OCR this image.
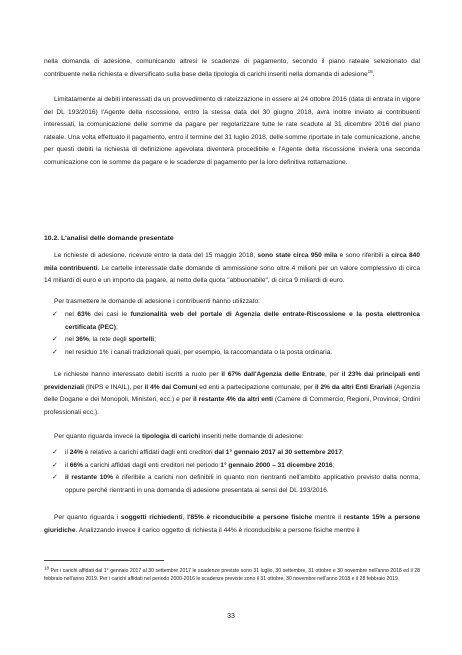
nella domanda di adesione, comunicando altresì le scadenze di pagamento, secondo il piano rateale selezionato dal contribuente nella richiesta e diversificato sulla base della tipologia di carichi inseriti nella domanda di adesione$^{18}$.

Limitatamente ai debiti interessati da un provvedimento di rateizzazione in essere al 24 ottobre 2016 (data di entrata in vigore del DL 193/2016) l'Agente della riscossione, entro la stessa data del 30 giugno 2018, avrà inoltre inviato ai contribuenti interessati, la comunicazione delle somme da pagare per regolarizzare tutte le rate scadute al 31 dicembre 2016 del piano rateale. Una volta effettuato il pagamento, entro il termine del 31 luglio 2018, delle somme riportate in tale comunicazione, anche per questi debiti la richiesta di definizione agevolata diventerà procedibile e l'Agente della riscossione invierà una seconda comunicazione con le somme da pagare e le scadenze di pagamento per la loro definitiva rottamazione.

10.2. L'analisi delle domande presentate

Le richieste di adesione, ricevute entro la data del 15 maggio 2018, sono state circa 950 mila e sono riferibili a circa 840 mila contribuenti. Le cartelle interessate dalle domande di ammissione sono oltre 4 milioni per un valore complessivo di circa 14 miliardi di euro e un importo da pagare, al netto della quota "abbuonabile", di circa 9 miliardi di euro.

Per trasmettere le domande di adesione i contribuenti hanno utilizzato:

✓ nel 63% dei casi le funzionalità web del portale di Agenzia delle entrate-Riscossione e la posta elettronica certificata (PEC);
✓ nel 36%, la rete degli sportelli;
✓ nel residuo 1% i canali tradizionali quali, per esempio, la raccomandata o la posta ordinaria.

Le richieste hanno interessato debiti iscritti a ruolo per il 67% dall'Agenzia delle Entrate, per il 23% dai principali enti previdenziali (INPS e INAIL), per il 4% dai Comuni ed enti a partecipazione comunale, per il 2% da altri Enti Erariali (Agenzia delle Dogane e dei Monopoli, Ministeri, ecc.) e per il restante 4% da altri enti (Camere di Commercio, Regioni, Province, Ordini professionali ecc.).

Per quanto riguarda invece la tipologia di carichi inseriti nelle domande di adesione:

✓ il 24% è relativo a carichi affidati dagli enti creditori dal 1° gennaio 2017 al 30 settembre 2017;
✓ il 66% a carichi affidati dagli enti creditori nel periodo 1° gennaio 2000 – 31 dicembre 2016;
✓ il restante 10% è riferibile a carichi non definibili in quanto non rientranti nell'ambito applicativo previsto dalla norma, oppure perché rientranti in una domanda di adesione presentata ai sensi del DL 193/2016.

Per quanto riguarda i soggetti richiedenti, l'85% è riconducibile a persone fisiche mentre il restante 15% a persone giuridiche. Analizzando invece il carico oggetto di richiesta il 44% è riconducibile a persone fisiche mentre il

18 Per i carichi affidati dal 1° gennaio 2017 al 30 settembre 2017 le scadenze previste sono 31 luglio, 30 settembre, 31 ottobre e 30 novembre nell'anno 2018 ed il 28 febbraio nell'anno 2019. Per i carichi affidati nel periodo 2000-2016 le scadenze previste sono il 31 ottobre, 30 novembre nell'anno 2018 e il 28 febbraio 2019.

33
